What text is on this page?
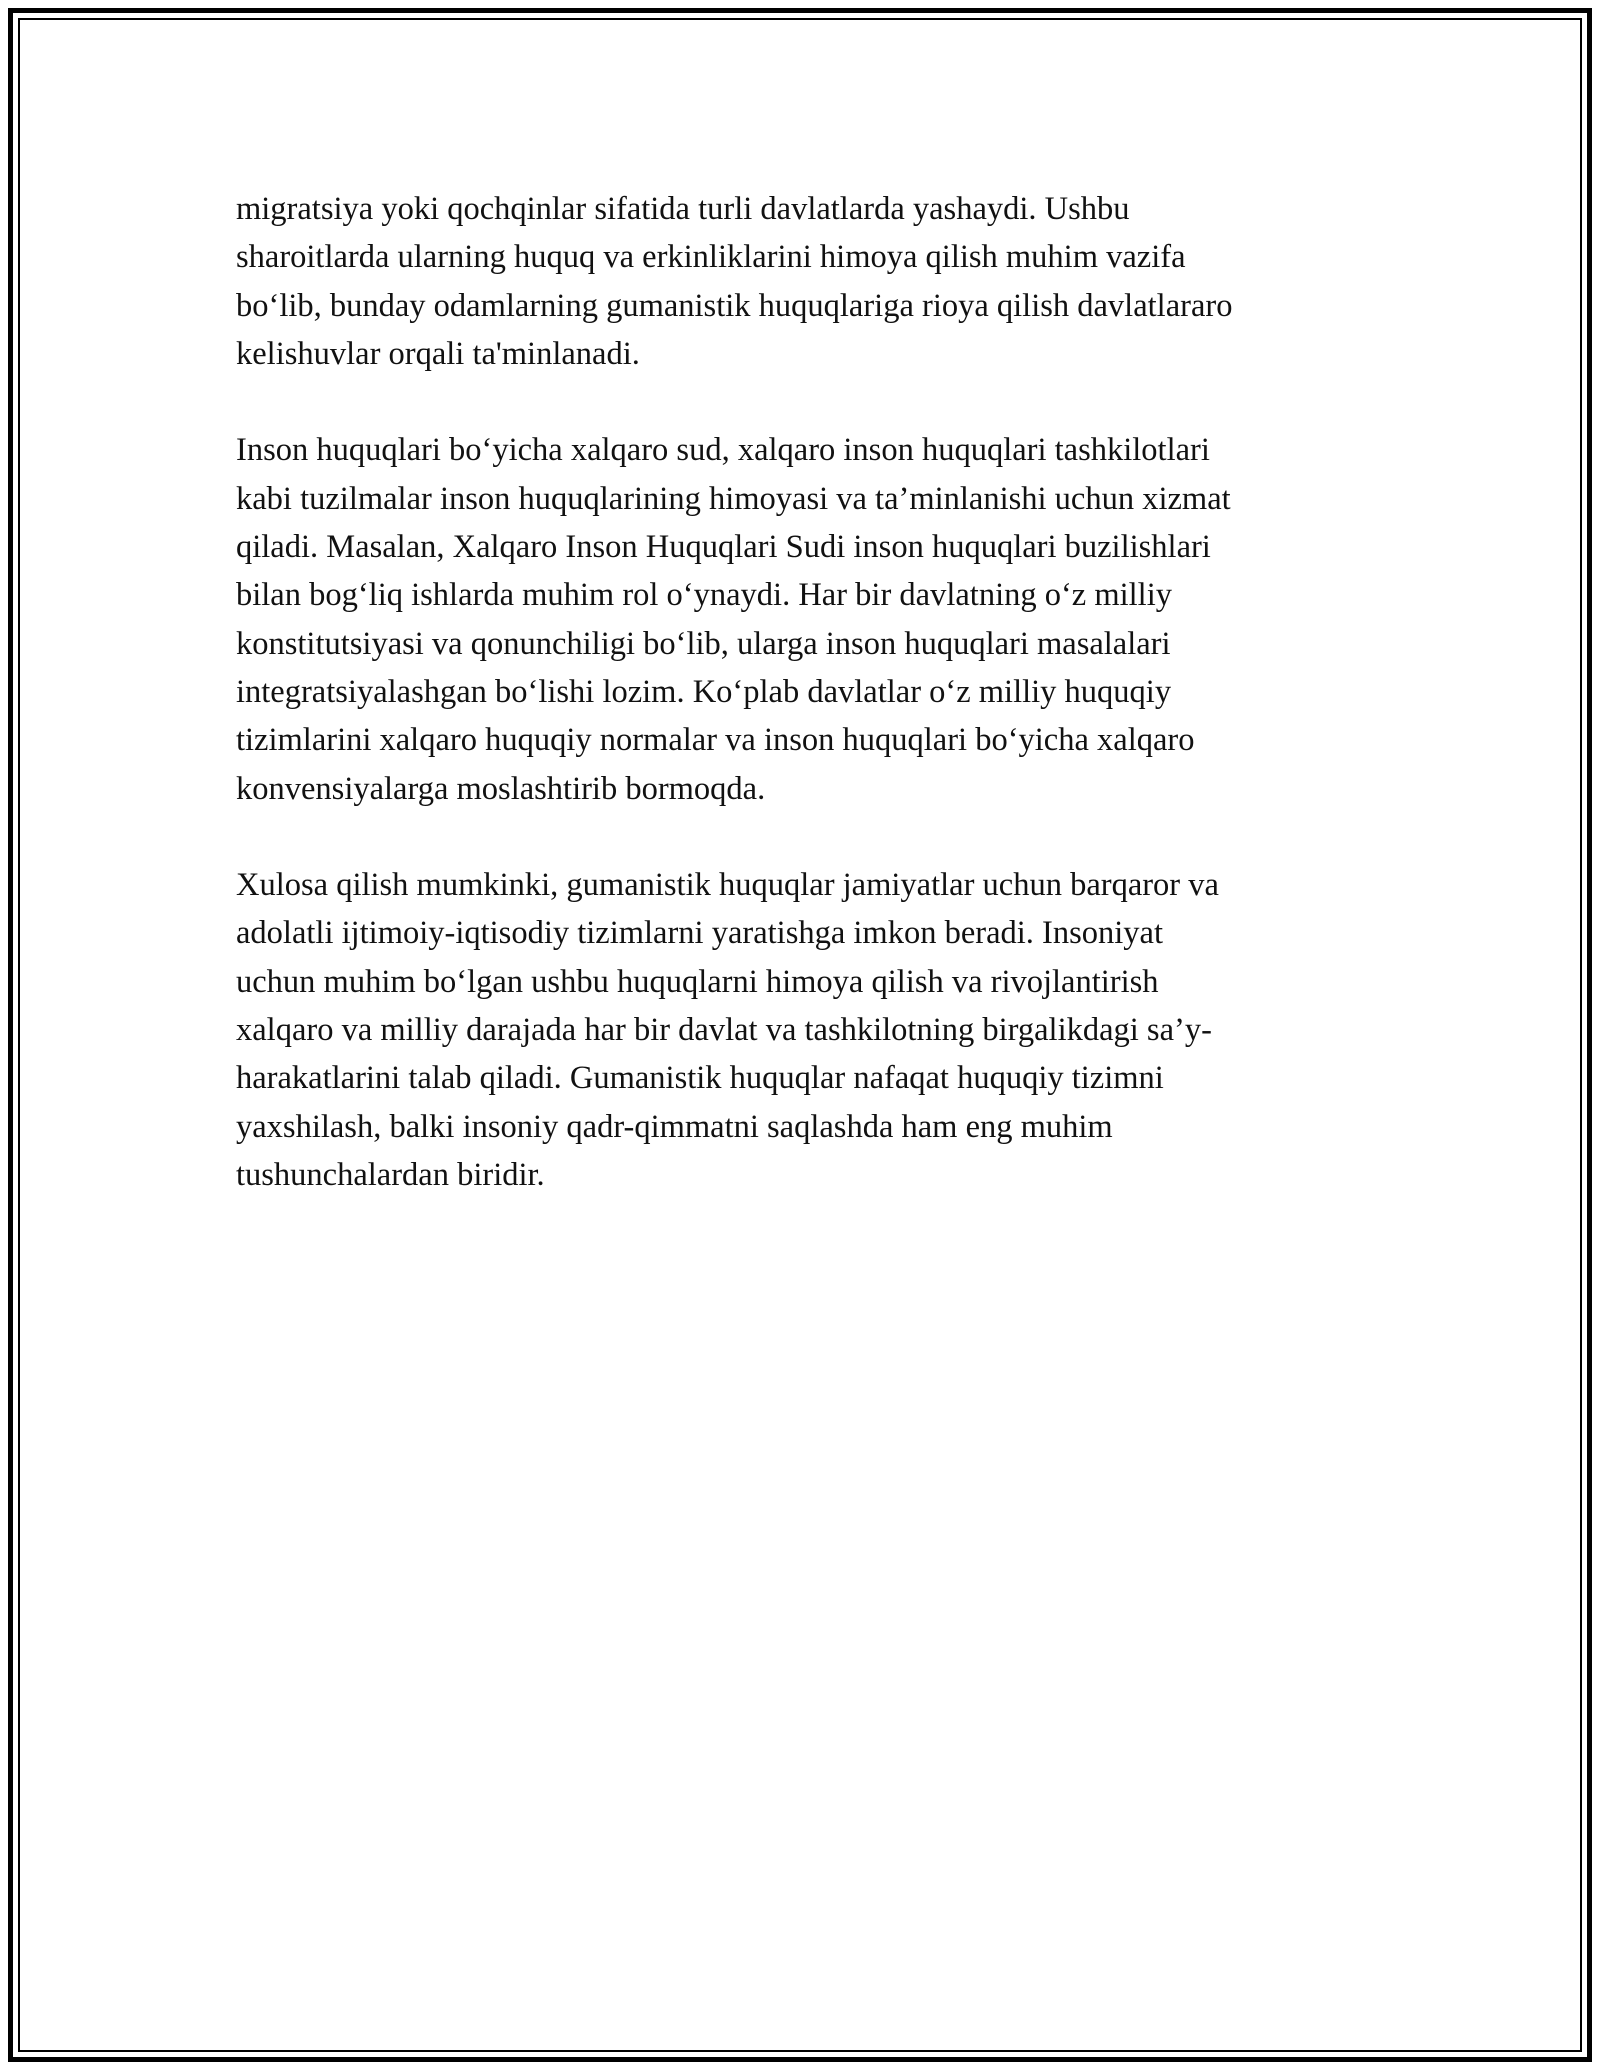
migratsiya yoki qochqinlar sifatida turli davlatlarda yashaydi. Ushbu
sharoitlarda ularning huquq va erkinliklarini himoya qilish muhim vazifa
bo‘lib, bunday odamlarning gumanistik huquqlariga rioya qilish davlatlararo
kelishuvlar orqali ta'minlanadi.

Inson huquqlari bo‘yicha xalqaro sud, xalqaro inson huquqlari tashkilotlari
kabi tuzilmalar inson huquqlarining himoyasi va ta’minlanishi uchun xizmat
qiladi. Masalan, Xalqaro Inson Huquqlari Sudi inson huquqlari buzilishlari
bilan bog‘liq ishlarda muhim rol o‘ynaydi. Har bir davlatning o‘z milliy
konstitutsiyasi va qonunchiligi bo‘lib, ularga inson huquqlari masalalari
integratsiyalashgan bo‘lishi lozim. Ko‘plab davlatlar o‘z milliy huquqiy
tizimlarini xalqaro huquqiy normalar va inson huquqlari bo‘yicha xalqaro
konvensiyalarga moslashtirib bormoqda.

Xulosa qilish mumkinki, gumanistik huquqlar jamiyatlar uchun barqaror va
adolatli ijtimoiy-iqtisodiy tizimlarni yaratishga imkon beradi. Insoniyat
uchun muhim bo‘lgan ushbu huquqlarni himoya qilish va rivojlantirish
xalqaro va milliy darajada har bir davlat va tashkilotning birgalikdagi sa’y-
harakatlarini talab qiladi. Gumanistik huquqlar nafaqat huquqiy tizimni
yaxshilash, balki insoniy qadr-qimmatni saqlashda ham eng muhim
tushunchalardan biridir.
